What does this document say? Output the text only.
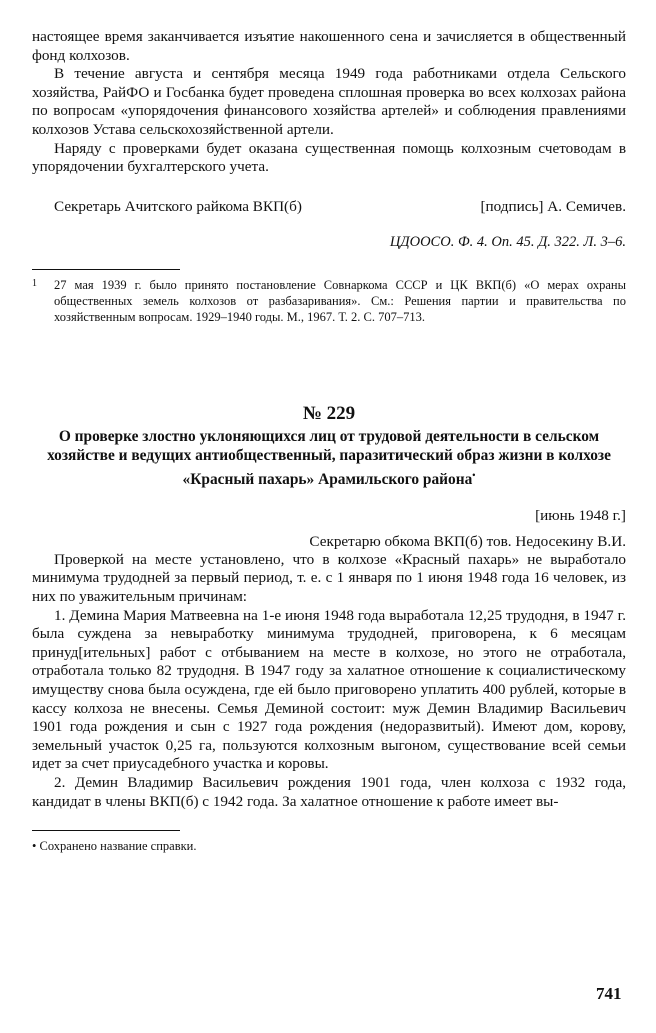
настоящее время заканчивается изъятие накошенного сена и зачисляется в общественный фонд колхозов.

В течение августа и сентября месяца 1949 года работниками отдела Сельского хозяйства, РайФО и Госбанка будет проведена сплошная проверка во всех колхозах района по вопросам «упорядочения финансового хозяйства артелей» и соблюдения правлениями колхозов Устава сельскохозяйственной артели.

Наряду с проверками будет оказана существенная помощь колхозным счетоводам в упорядочении бухгалтерского учета.

Секретарь Ачитского райкома ВКП(б)	[подпись] А. Семичев.
ЦДООСО. Ф. 4. Оп. 45. Д. 322. Л. 3–6.
1 27 мая 1939 г. было принято постановление Совнаркома СССР и ЦК ВКП(б) «О мерах охраны общественных земель колхозов от разбазаривания». См.: Решения партии и правительства по хозяйственным вопросам. 1929–1940 годы. М., 1967. Т. 2. С. 707–713.
№ 229
О проверке злостно уклоняющихся лиц от трудовой деятельности в сельском хозяйстве и ведущих антиобщественный, паразитический образ жизни в колхозе «Красный пахарь» Арамильского района•
[июнь 1948 г.]
Секретарю обкома ВКП(б) тов. Недосекину В.И.

Проверкой на месте установлено, что в колхозе «Красный пахарь» не выработало минимума трудодней за первый период, т. е. с 1 января по 1 июня 1948 года 16 человек, из них по уважительным причинам:

1. Демина Мария Матвеевна на 1-е июня 1948 года выработала 12,25 трудодня, в 1947 г. была суждена за невыработку минимума трудодней, приговорена, к 6 месяцам принуд[ительных] работ с отбыванием на месте в колхозе, но этого не отработала, отработала только 82 трудодня. В 1947 году за халатное отношение к социалистическому имуществу снова была осуждена, где ей было приговорено уплатить 400 рублей, которые в кассу колхоза не внесены. Семья Деминой состоит: муж Демин Владимир Васильевич 1901 года рождения и сын с 1927 года рождения (недоразвитый). Имеют дом, корову, земельный участок 0,25 га, пользуются колхозным выгоном, существование всей семьи идет за счет приусадебного участка и коровы.

2. Демин Владимир Васильевич рождения 1901 года, член колхоза с 1932 года, кандидат в члены ВКП(б) с 1942 года. За халатное отношение к работе имеет вы-

• Сохранено название справки.
741
